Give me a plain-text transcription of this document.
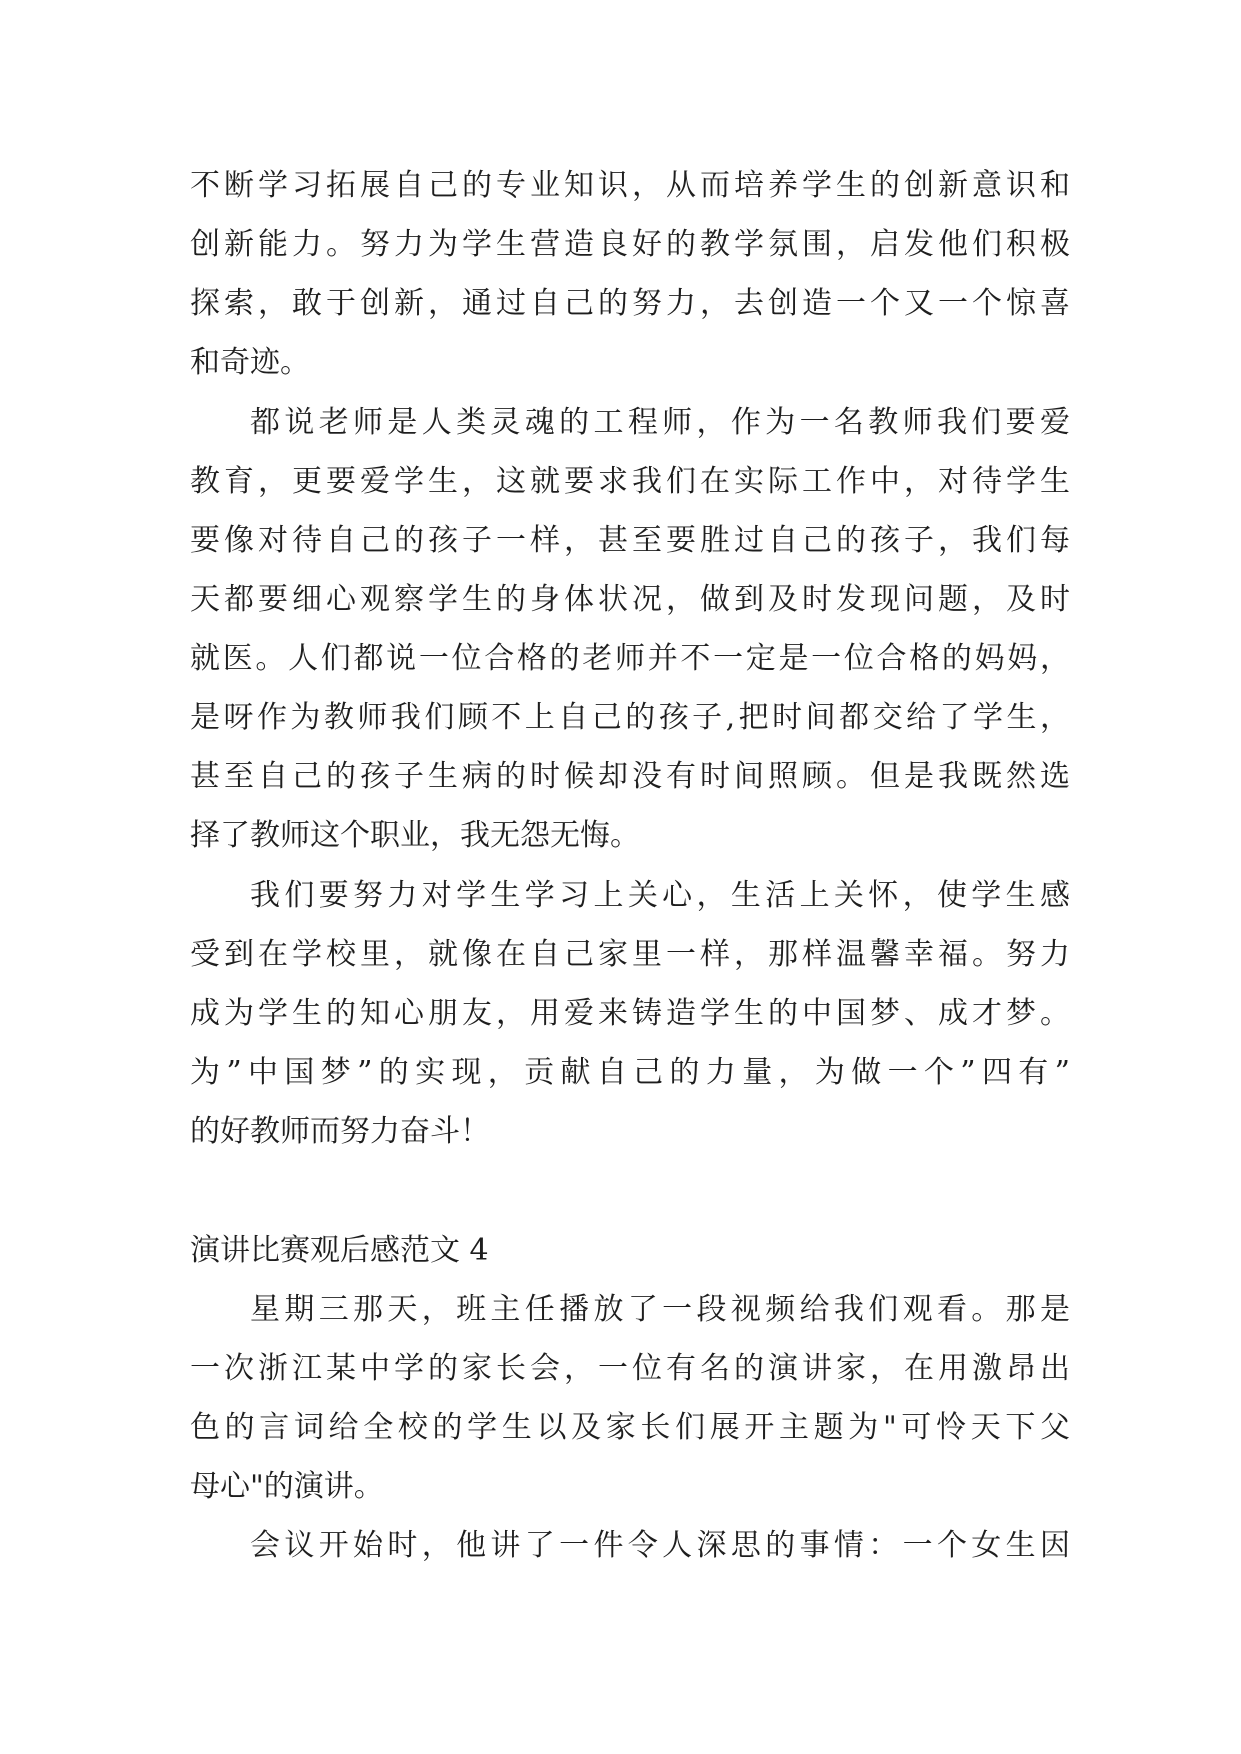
不断学习拓展自己的专业知识，从而培养学生的创新意识和
创新能力。努力为学生营造良好的教学氛围，启发他们积极
探索，敢于创新，通过自己的努力，去创造一个又一个惊喜
和奇迹。
都说老师是人类灵魂的工程师，作为一名教师我们要爱
教育，更要爱学生，这就要求我们在实际工作中，对待学生
要像对待自己的孩子一样，甚至要胜过自己的孩子，我们每
天都要细心观察学生的身体状况，做到及时发现问题，及时
就医。人们都说一位合格的老师并不一定是一位合格的妈妈，
是呀作为教师我们顾不上自己的孩子,把时间都交给了学生，
甚至自己的孩子生病的时候却没有时间照顾。但是我既然选
择了教师这个职业，我无怨无悔。
我们要努力对学生学习上关心，生活上关怀，使学生感
受到在学校里，就像在自己家里一样，那样温馨幸福。努力
成为学生的知心朋友，用爱来铸造学生的中国梦、成才梦。
为”中国梦”的实现，贡献自己的力量，为做一个”四有”
的好教师而努力奋斗！
演讲比赛观后感范文 4
星期三那天，班主任播放了一段视频给我们观看。那是
一次浙江某中学的家长会，一位有名的演讲家，在用激昂出
色的言词给全校的学生以及家长们展开主题为"可怜天下父
母心"的演讲。
会议开始时，他讲了一件令人深思的事情：一个女生因
